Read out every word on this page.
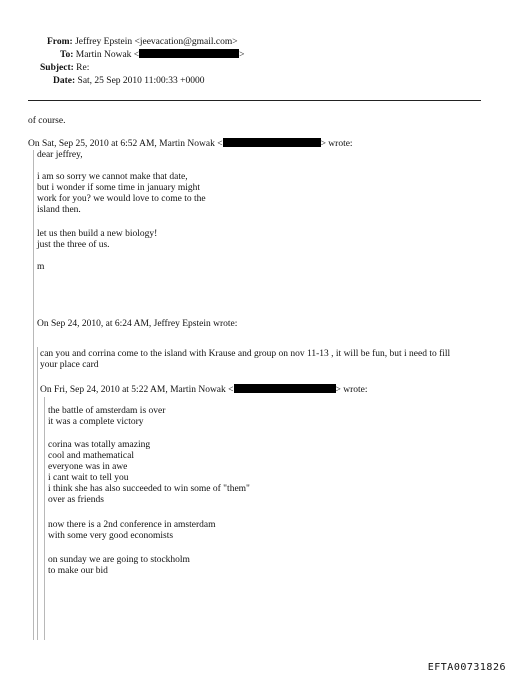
From: Jeffrey Epstein <jeevacation@gmail.com>
To: Martin Nowak <	>
Subject: Re:
Date: Sat, 25 Sep 2010 11:00:33 +0000
of course.
On Sat, Sep 25, 2010 at 6:52 AM, Martin Nowak <	> wrote:
dear jeffrey,
i am so sorry we cannot make that date,
but i wonder if some time in january might
work for you? we would love to come to the
island then.
let us then build a new biology!
just the three of us.
m
On Sep 24, 2010, at 6:24 AM, Jeffrey Epstein wrote:
can you and corrina come to the island with Krause and group on nov 11-13 , it will be fun, but i need to fill
your place card
On Fri, Sep 24, 2010 at 5:22 AM, Martin Nowak <	> wrote:
the battle of amsterdam is over
it was a complete victory
corina was totally amazing
cool and mathematical
everyone was in awe
i cant wait to tell you
i think she has also succeeded to win some of "them"
over as friends
now there is a 2nd conference in amsterdam
with some very good economists
on sunday we are going to stockholm
to make our bid
EFTA00731826
